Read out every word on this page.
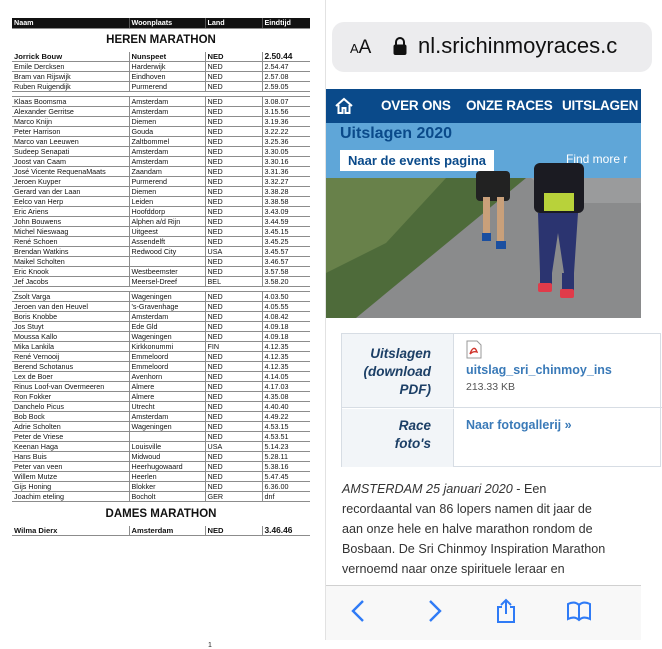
Naam	Woonplaats	Land	Eindtijd
HEREN MARATHON			
Jorrick Bouw	Nunspeet	NED	2.50.44
Emile Dercksen	Harderwijk	NED	2.54.47
Bram van Rijswijk	Eindhoven	NED	2.57.08
Ruben Ruigendijk	Purmerend	NED	2.59.05

Klaas Boomsma	Amsterdam	NED	3.08.07
Alexander Gerritse	Amsterdam	NED	3.15.56
Marco Knijn	Diemen	NED	3.19.36
Peter Harrison	Gouda	NED	3.22.22
Marco van Leeuwen	Zaltbommel	NED	3.25.36
Sudeep Senapati	Amsterdam	NED	3.30.05
Joost van Caam	Amsterdam	NED	3.30.16
José Vicente RequenaMaats	Zaandam	NED	3.31.36
Jeroen Kuyper	Purmerend	NED	3.32.27
Gerard van der Laan	Diemen	NED	3.38.28
Eelco van Herp	Leiden	NED	3.38.58
Eric Ariens	Hoofddorp	NED	3.43.09
John Bouwens	Alphen a/d Rijn	NED	3.44.59
Michel Nieswaag	Uitgeest	NED	3.45.15
René Schoen	Assendelft	NED	3.45.25
Brendan Watkins	Redwood City	USA	3.45.57
Maikel Scholten		NED	3.46.57
Eric Knook	Westbeemster	NED	3.57.58
Jef Jacobs	Meersel-Dreef	BEL	3.58.20

Zsolt Varga	Wageningen	NED	4.03.50
Jeroen van den Heuvel	's-Gravenhage	NED	4.05.55
Boris Knobbe	Amsterdam	NED	4.08.42
Jos Stuyt	Ede Gld	NED	4.09.18
Moussa Kallo	Wageningen	NED	4.09.18
Mika Lankila	Kirkkonummi	FIN	4.12.35
René Vernooij	Emmeloord	NED	4.12.35
Berend Schotanus	Emmeloord	NED	4.12.35
Lex de Boer	Avenhorn	NED	4.14.05
Rinus Loof-van Overmeeren	Almere	NED	4.17.03
Ron Fokker	Almere	NED	4.35.08
Danchelo Picus	Utrecht	NED	4.40.40
Bob Bock	Amsterdam	NED	4.49.22
Adrie Scholten	Wageningen	NED	4.53.15
Peter de Vriese		NED	4.53.51
Keenan Haga	Louisville	USA	5.14.23
Hans Buis	Midwoud	NED	5.28.11
Peter van veen	Heerhugowaard	NED	5.38.16
Willem Mutze	Heerlen	NED	5.47.45
Gijs Honing	Blokker	NED	6.36.00
Joachim eteling	Bocholt	GER	dnf
DAMES MARATHON			
Wilma Dierx	Amsterdam	NED	3.46.46
1
AA nl.srichinmoyraces.c
OVER ONS ONZE RACES UITSLAGEN
Uitslagen 2020
Naar de events pagina	Find more r
Uitslagen
(download
PDF)
uitslag_sri_chinmoy_ins
213.33 KB
Race
foto's
Naar fotogallerij »

AMSTERDAM 25 januari 2020 - Een
recordaantal van 86 lopers namen dit jaar de
aan onze hele en halve marathon rondom de
Bosbaan. De Sri Chinmoy Inspiration Marathon
vernoemd naar onze spirituele leraar en
